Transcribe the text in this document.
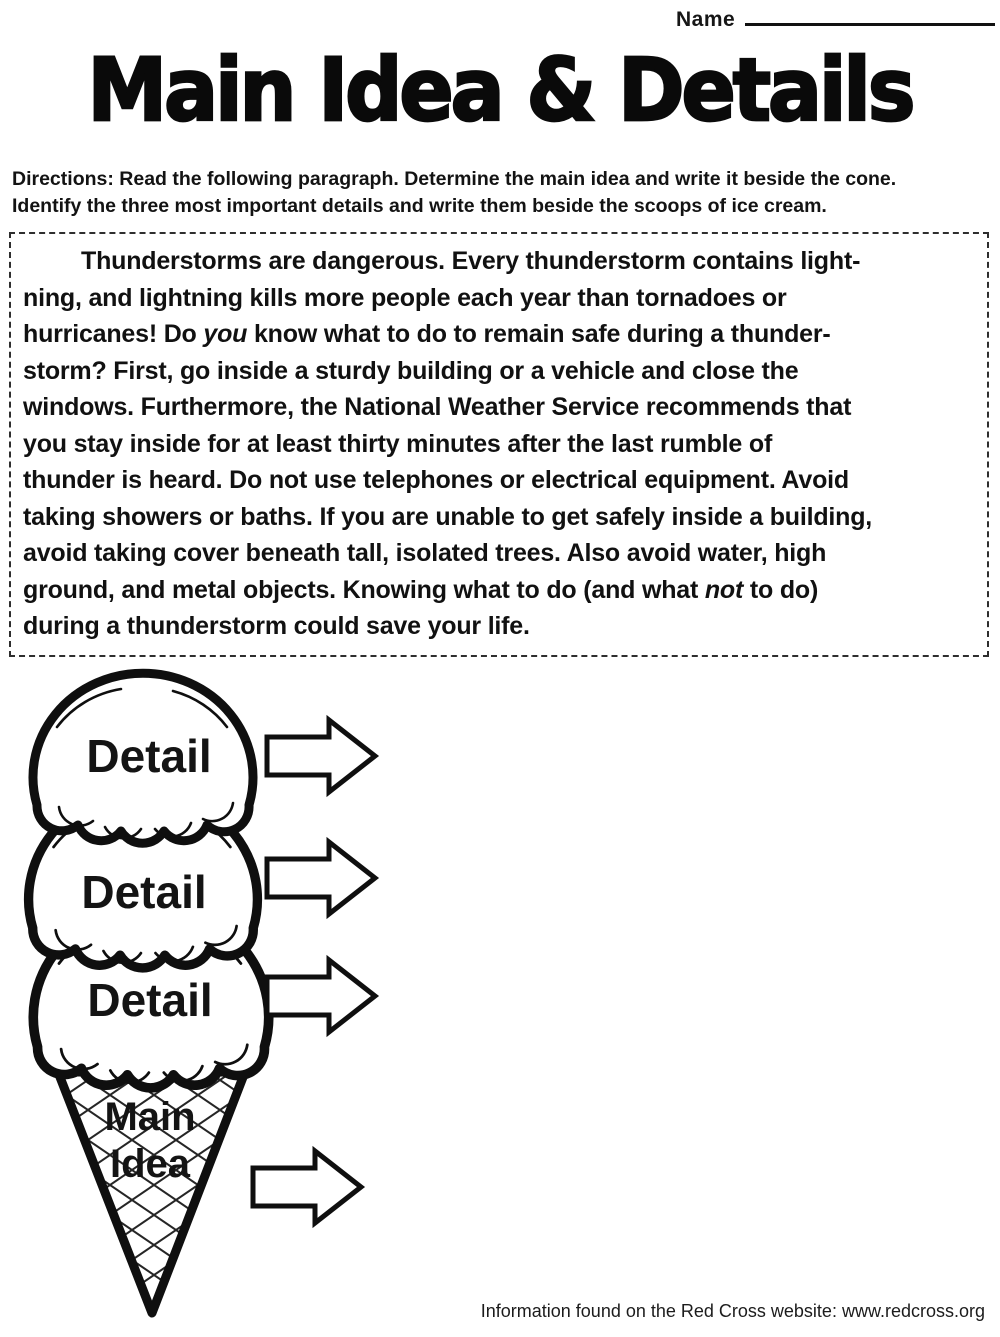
Name
Main Idea & Details
Directions: Read the following paragraph. Determine the main idea and write it beside the cone.
Identify the three most important details and write them beside the scoops of ice cream.
Thunderstorms are dangerous. Every thunderstorm contains light-
ning, and lightning kills more people each year than tornadoes or
hurricanes! Do you know what to do to remain safe during a thunder-
storm? First, go inside a sturdy building or a vehicle and close the
windows. Furthermore, the National Weather Service recommends that
you stay inside for at least thirty minutes after the last rumble of
thunder is heard. Do not use telephones or electrical equipment. Avoid
taking showers or baths. If you are unable to get safely inside a building,
avoid taking cover beneath tall, isolated trees. Also avoid water, high
ground, and metal objects. Knowing what to do (and what not to do)
during a thunderstorm could save your life.
Detail
Detail
Detail
Main
Idea
Information found on the Red Cross website: www.redcross.org
